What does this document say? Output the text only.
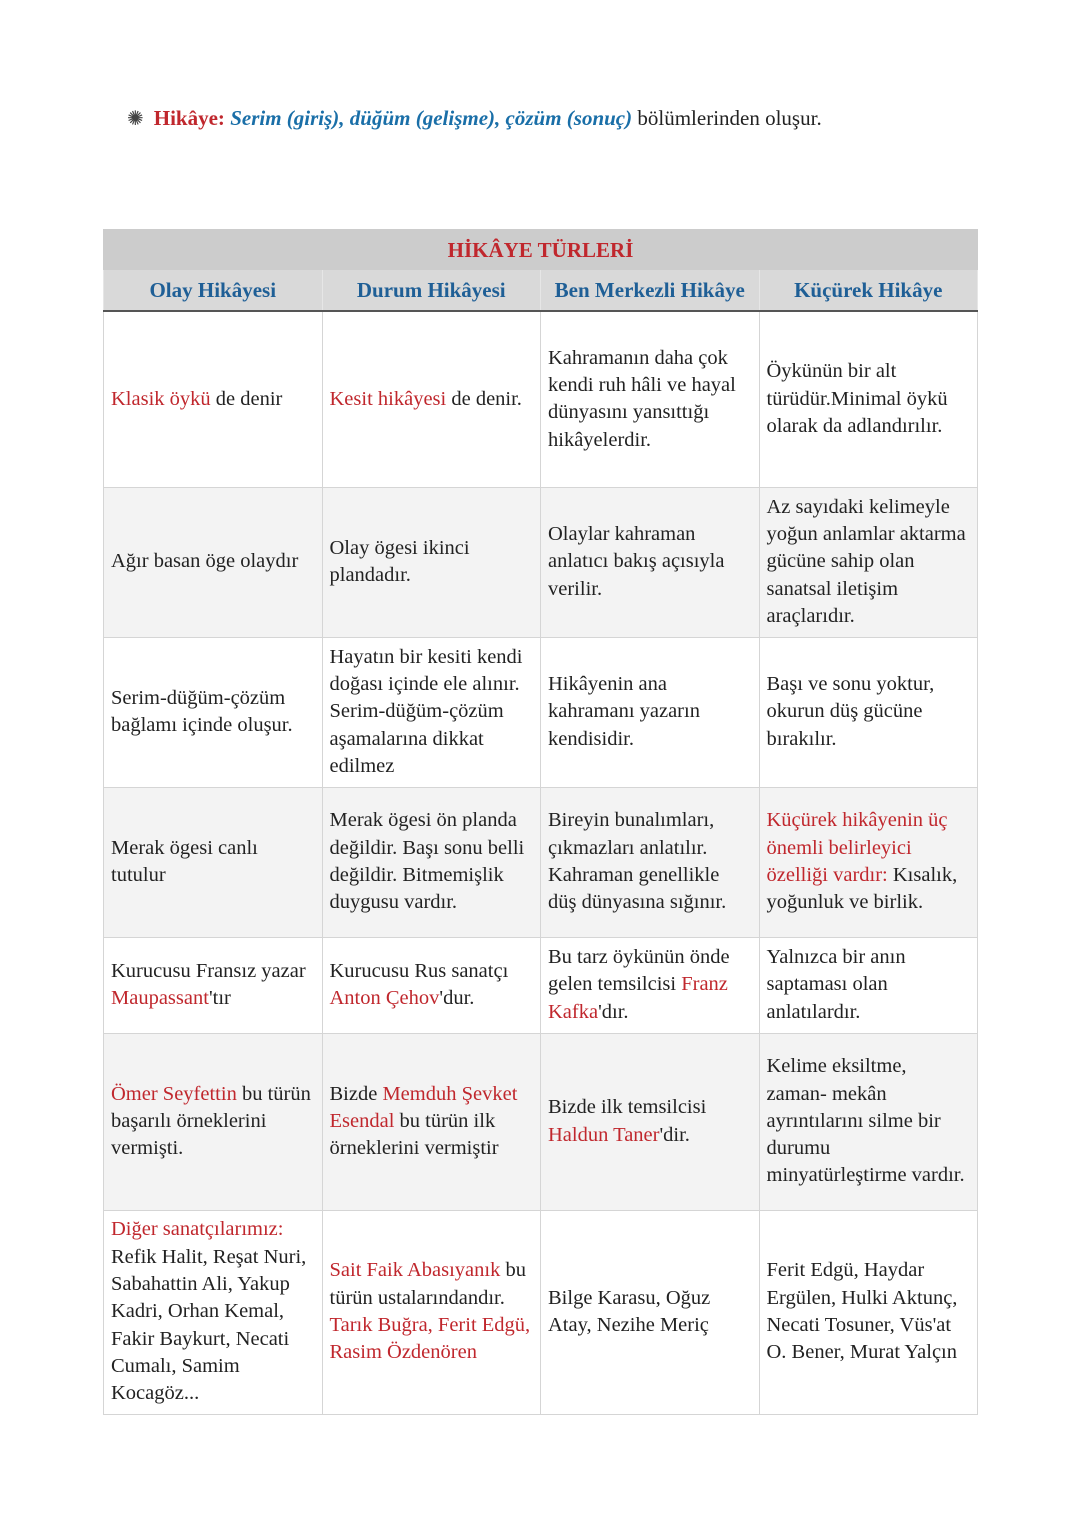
✺ Hikâye: Serim (giriş), düğüm (gelişme), çözüm (sonuç) bölümlerinden oluşur.
HİKÂYE TÜRLERİ			
Olay Hikâyesi	Durum Hikâyesi	Ben Merkezli Hikâye	Küçürek Hikâye
Klasik öykü de denir	Kesit hikâyesi de denir.	Kahramanın daha çok kendi ruh hâli ve hayal dünyasını yansıttığı hikâyelerdir.	Öykünün bir alt türüdür.Minimal öykü olarak da adlandırılır.
Ağır basan öge olaydır	Olay ögesi ikinci plandadır.	Olaylar kahraman anlatıcı bakış açısıyla verilir.	Az sayıdaki kelimeyle yoğun anlamlar aktarma gücüne sahip olan sanatsal iletişim araçlarıdır.
Serim-düğüm-çözüm bağlamı içinde oluşur.	Hayatın bir kesiti kendi doğası içinde ele alınır. Serim-düğüm-çözüm aşamalarına dikkat edilmez	Hikâyenin ana kahramanı yazarın kendisidir.	Başı ve sonu yoktur, okurun düş gücüne bırakılır.
Merak ögesi canlı tutulur	Merak ögesi ön planda değildir. Başı sonu belli değildir. Bitmemişlik duygusu vardır.	Bireyin bunalımları, çıkmazları anlatılır. Kahraman genellikle düş dünyasına sığınır.	Küçürek hikâyenin üç önemli belirleyici özelliği vardır: Kısalık, yoğunluk ve birlik.
Kurucusu Fransız yazar Maupassant'tır	Kurucusu Rus sanatçı Anton Çehov'dur.	Bu tarz öykünün önde gelen temsilcisi Franz Kafka'dır.	Yalnızca bir anın saptaması olan anlatılardır.
Ömer Seyfettin bu türün başarılı örneklerini vermişti.	Bizde Memduh Şevket Esendal bu türün ilk örneklerini vermiştir	Bizde ilk temsilcisi Haldun Taner'dir.	Kelime eksiltme, zaman- mekân ayrıntılarını silme bir durumu minyatürleştirme vardır.
Diğer sanatçılarımız: Refik Halit, Reşat Nuri, Sabahattin Ali, Yakup Kadri, Orhan Kemal, Fakir Baykurt, Necati Cumalı, Samim Kocagöz...	Sait Faik Abasıyanık bu türün ustalarındandır. Tarık Buğra, Ferit Edgü, Rasim Özdenören	Bilge Karasu, Oğuz Atay, Nezihe Meriç	Ferit Edgü, Haydar Ergülen, Hulki Aktunç, Necati Tosuner, Vüs'at O. Bener, Murat Yalçın
